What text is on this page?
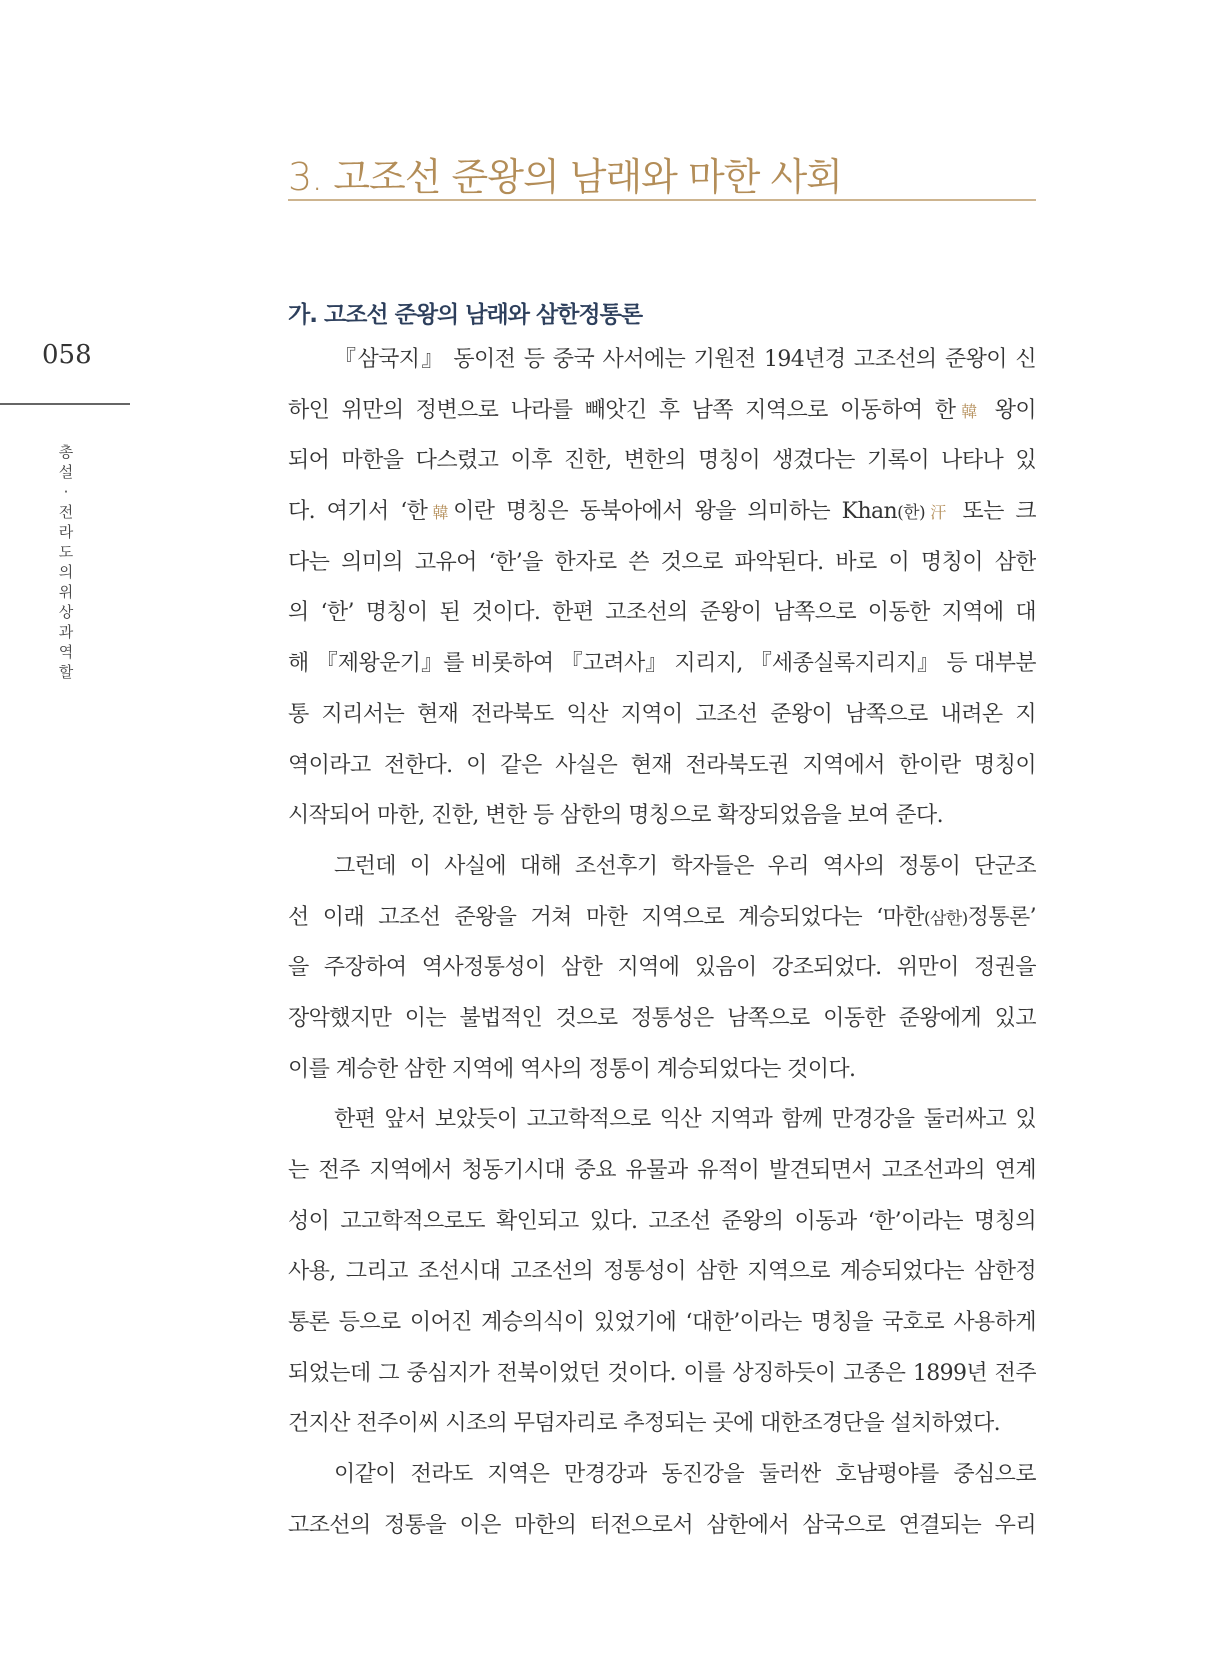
3. 고조선 준왕의 남래와 마한 사회
가. 고조선 준왕의 남래와 삼한정통론
058
총설 · 전라도의 위상과 역할
『삼국지』 동이전 등 중국 사서에는 기원전 194년경 고조선의 준왕이 신
하인 위만의 정변으로 나라를 빼앗긴 후 남쪽 지역으로 이동하여 한韓 왕이
되어 마한을 다스렸고 이후 진한, 변한의 명칭이 생겼다는 기록이 나타나 있
다. 여기서 ‘한韓이란 명칭은 동북아에서 왕을 의미하는 Khan(한)汗 또는 크
다는 의미의 고유어 ‘한’을 한자로 쓴 것으로 파악된다. 바로 이 명칭이 삼한
의 ‘한’ 명칭이 된 것이다. 한편 고조선의 준왕이 남쪽으로 이동한 지역에 대
해 『제왕운기』를 비롯하여 『고려사』 지리지, 『세종실록지리지』 등 대부분
통 지리서는 현재 전라북도 익산 지역이 고조선 준왕이 남쪽으로 내려온 지
역이라고 전한다. 이 같은 사실은 현재 전라북도권 지역에서 한이란 명칭이
시작되어 마한, 진한, 변한 등 삼한의 명칭으로 확장되었음을 보여 준다.
그런데 이 사실에 대해 조선후기 학자들은 우리 역사의 정통이 단군조
선 이래 고조선 준왕을 거쳐 마한 지역으로 계승되었다는 ‘마한(삼한)정통론’
을 주장하여 역사정통성이 삼한 지역에 있음이 강조되었다. 위만이 정권을
장악했지만 이는 불법적인 것으로 정통성은 남쪽으로 이동한 준왕에게 있고
이를 계승한 삼한 지역에 역사의 정통이 계승되었다는 것이다.
한편 앞서 보았듯이 고고학적으로 익산 지역과 함께 만경강을 둘러싸고 있
는 전주 지역에서 청동기시대 중요 유물과 유적이 발견되면서 고조선과의 연계
성이 고고학적으로도 확인되고 있다. 고조선 준왕의 이동과 ‘한’이라는 명칭의
사용, 그리고 조선시대 고조선의 정통성이 삼한 지역으로 계승되었다는 삼한정
통론 등으로 이어진 계승의식이 있었기에 ‘대한’이라는 명칭을 국호로 사용하게
되었는데 그 중심지가 전북이었던 것이다. 이를 상징하듯이 고종은 1899년 전주
건지산 전주이씨 시조의 무덤자리로 추정되는 곳에 대한조경단을 설치하였다.
이같이 전라도 지역은 만경강과 동진강을 둘러싼 호남평야를 중심으로
고조선의 정통을 이은 마한의 터전으로서 삼한에서 삼국으로 연결되는 우리
